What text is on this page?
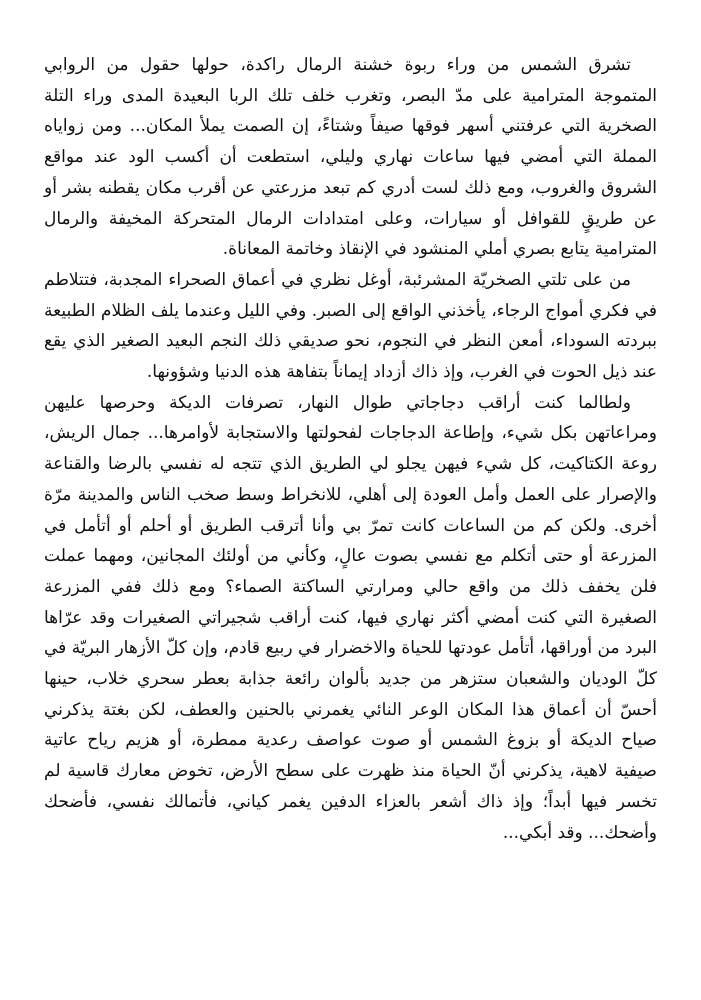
تشرق الشمس من وراء ربوة خشنة الرمال راكدة، حولها حقول من الروابي المتموجة المترامية على مدّ البصر، وتغرب خلف تلك الربا البعيدة المدى وراء التلة الصخرية التي عرفتني أسهر فوقها صيفاً وشتاءً، إن الصمت يملأ المكان... ومن زواياه المملة التي أمضي فيها ساعات نهاري وليلي، استطعت أن أكسب الود عند مواقع الشروق والغروب، ومع ذلك لست أدري كم تبعد مزرعتي عن أقرب مكان يقطنه بشر أو عن طريقٍ للقوافل أو سيارات، وعلى امتدادات الرمال المتحركة المخيفة والرمال المترامية يتابع بصري أملي المنشود في الإنقاذ وخاتمة المعاناة.

من على تلتي الصخريّة المشرئبة، أوغل نظري في أعماق الصحراء المجدبة، فتتلاطم في فكري أمواج الرجاء، يأخذني الواقع إلى الصبر. وفي الليل وعندما يلف الظلام الطبيعة ببردته السوداء، أمعن النظر في النجوم، نحو صديقي ذلك النجم البعيد الصغير الذي يقع عند ذيل الحوت في الغرب، وإذ ذاك أزداد إيماناً بتفاهة هذه الدنيا وشؤونها.

ولطالما كنت أراقب دجاجاتي طوال النهار، تصرفات الديكة وحرصها عليهن ومراعاتهن بكل شيء، وإطاعة الدجاجات لفحولتها والاستجابة لأوامرها... جمال الريش، روعة الكتاكيت، كل شيء فيهن يجلو لي الطريق الذي تتجه له نفسي بالرضا والقناعة والإصرار على العمل وأمل العودة إلى أهلي، للانخراط وسط صخب الناس والمدينة مرّة أخرى. ولكن كم من الساعات كانت تمرّ بي وأنا أترقب الطريق أو أحلم أو أتأمل في المزرعة أو حتى أتكلم مع نفسي بصوت عالٍ، وكأني من أولئك المجانين، ومهما عملت فلن يخفف ذلك من واقع حالي ومرارتي الساكتة الصماء؟ ومع ذلك ففي المزرعة الصغيرة التي كنت أمضي أكثر نهاري فيها، كنت أراقب شجيراتي الصغيرات وقد عرّاها البرد من أوراقها، أتأمل عودتها للحياة والاخضرار في ربيع قادم، وإن كلّ الأزهار البريّة في كلّ الوديان والشعبان ستزهر من جديد بألوان رائعة جذابة بعطر سحري خلاب، حينها أحسّ أن أعماق هذا المكان الوعر النائي يغمرني بالحنين والعطف، لكن بغتة يذكرني صياح الديكة أو بزوغ الشمس أو صوت عواصف رعدية ممطرة، أو هزيم رياح عاتية صيفية لاهية، يذكرني أنّ الحياة منذ ظهرت على سطح الأرض، تخوض معارك قاسية لم تخسر فيها أبداً؛ وإذ ذاك أشعر بالعزاء الدفين يغمر كياني، فأتمالك نفسي، فأضحك وأضحك... وقد أبكي...
